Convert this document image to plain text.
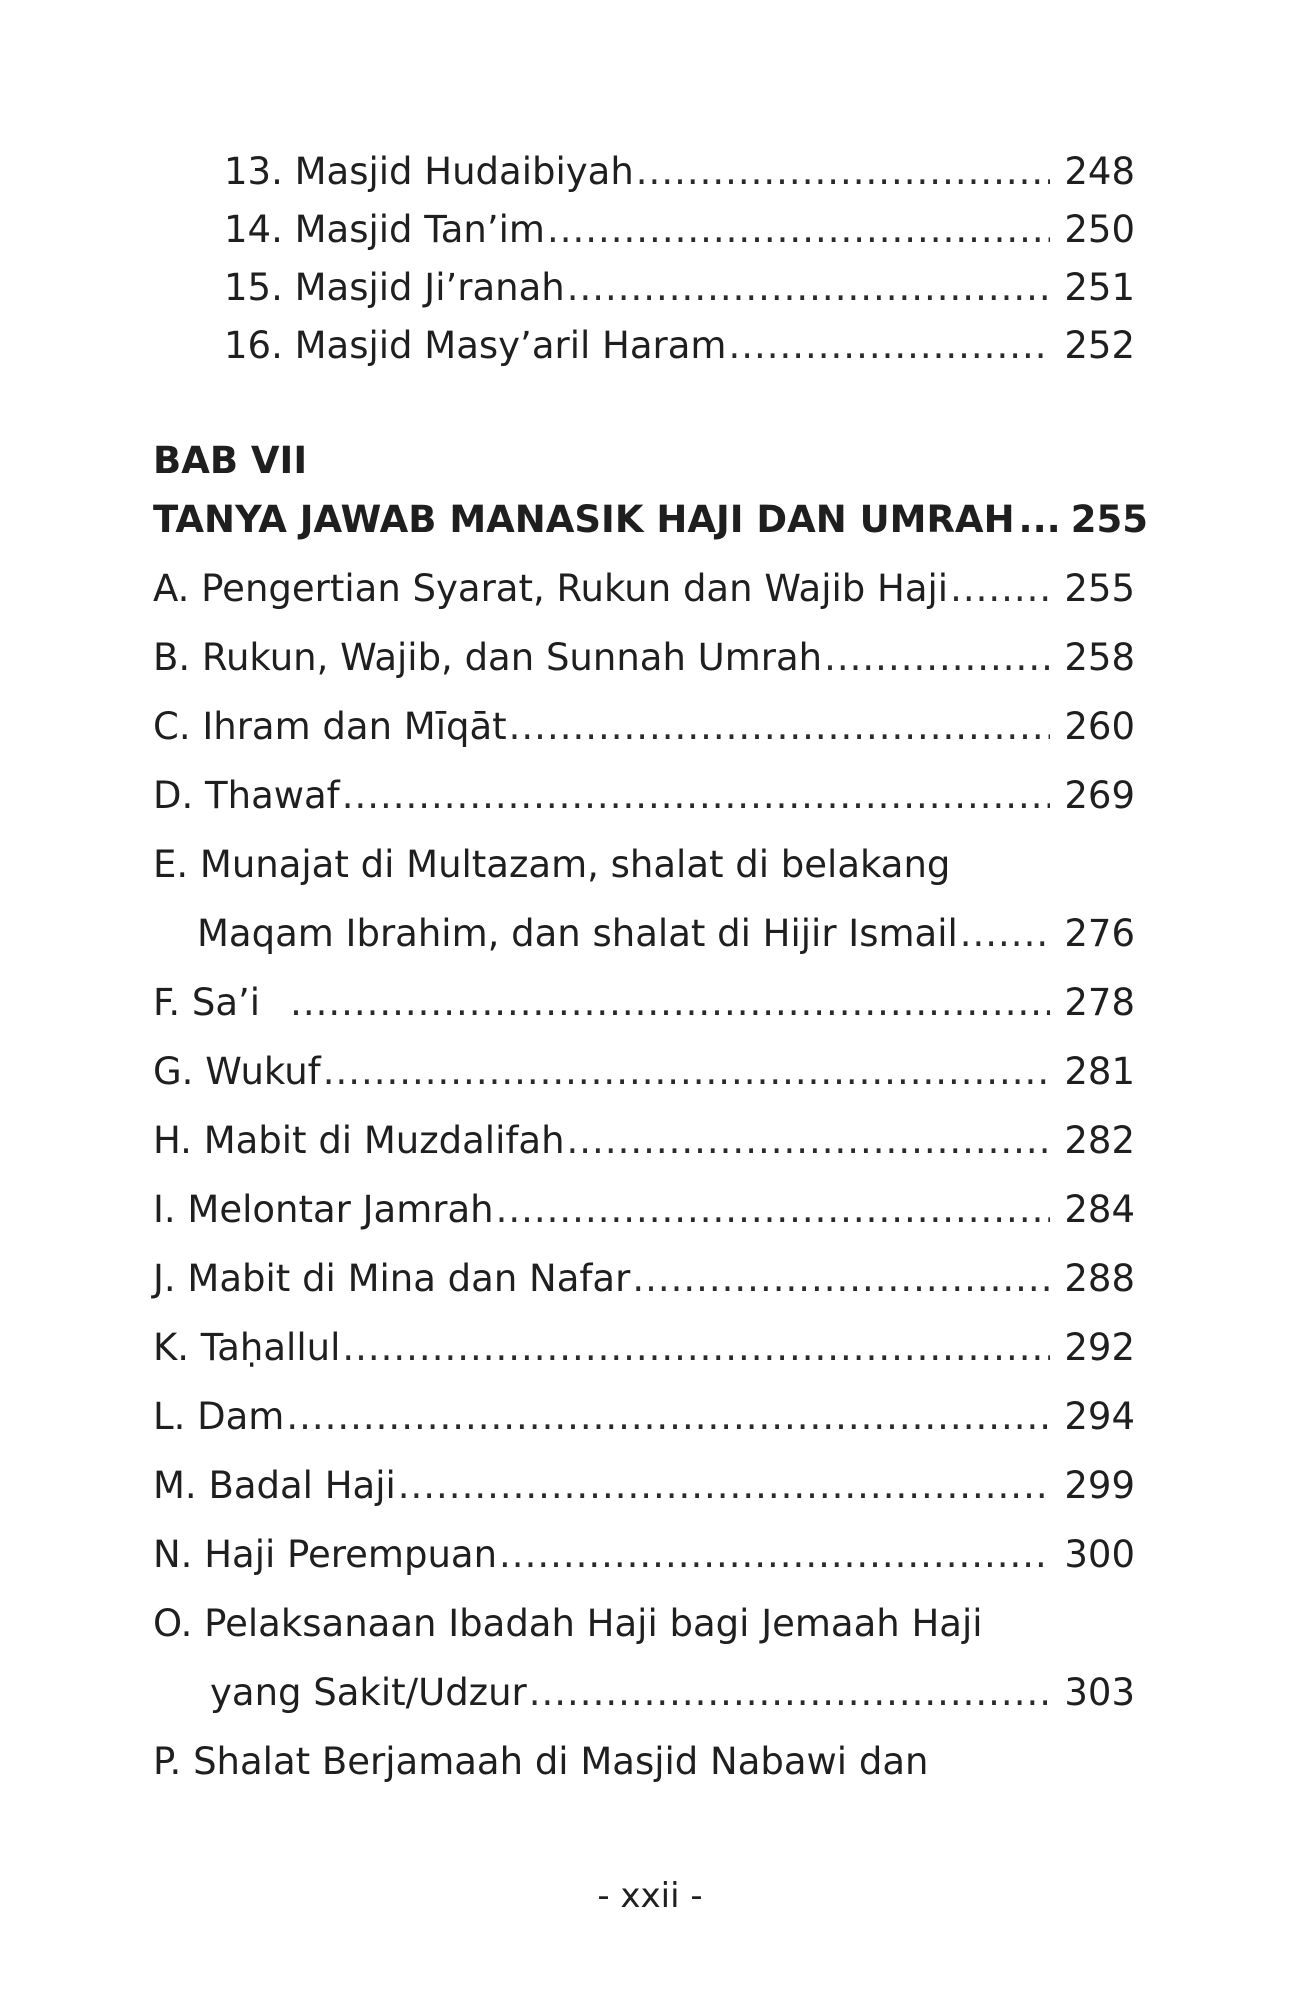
13. Masjid Hudaibiyah .....	248
14. Masjid Tan’im .....	250
15. Masjid Ji’ranah .....	251
16. Masjid Masy’aril Haram .....	252
BAB VII
TANYA JAWAB MANASIK HAJI DAN UMRAH ... 255
A. Pengertian Syarat, Rukun dan Wajib Haji .....	255
B. Rukun, Wajib, dan Sunnah Umrah .....	258
C. Ihram dan Mīqāt .....	260
D. Thawaf .....	269
E. Munajat di Multazam, shalat di belakang
Maqam Ibrahim, dan shalat di Hijir Ismail .....	276
F. Sa’i .....	278
G. Wukuf .....	281
H. Mabit di Muzdalifah .....	282
I. Melontar Jamrah .....	284
J. Mabit di Mina dan Nafar .....	288
K. Taḥallul .....	292
L. Dam .....	294
M. Badal Haji .....	299
N. Haji Perempuan .....	300
O. Pelaksanaan Ibadah Haji bagi Jemaah Haji
yang Sakit/Udzur .....	303
P. Shalat Berjamaah di Masjid Nabawi dan
- xxii -
